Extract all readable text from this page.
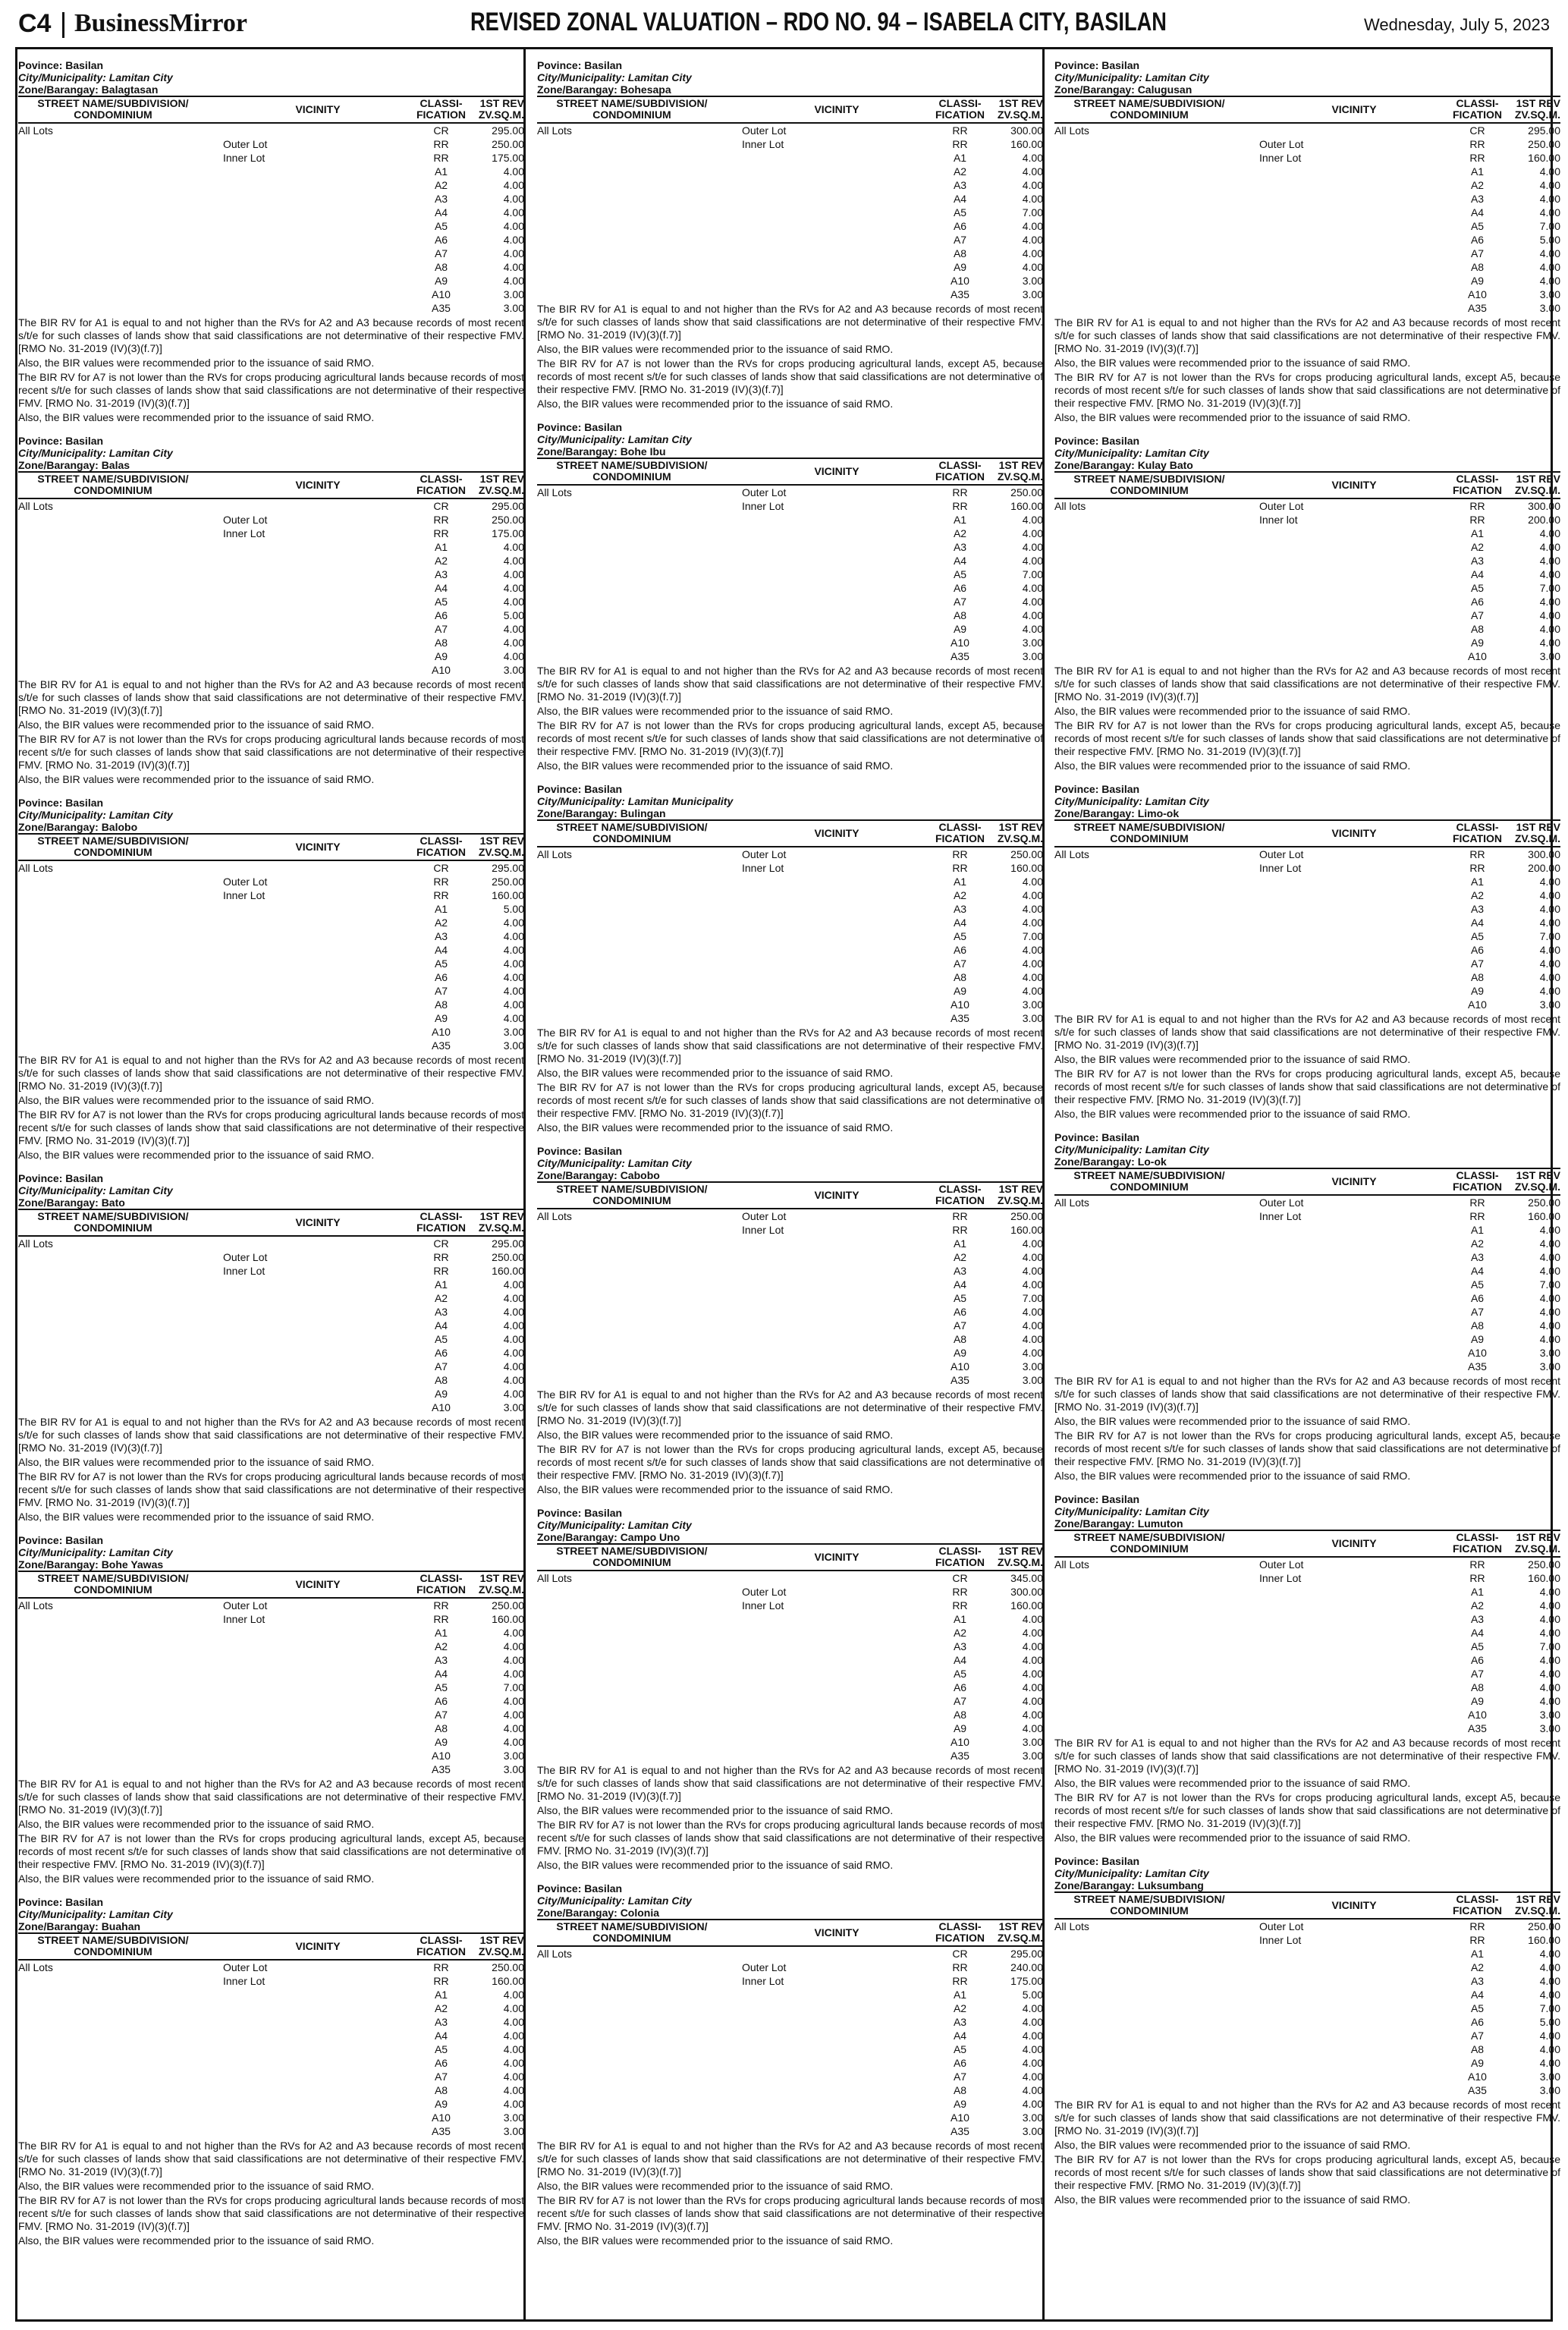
C4 BusinessMirror	REVISED ZONAL VALUATION – RDO NO. 94 – ISABELA CITY, BASILAN	Wednesday, July 5, 2023
Povince: Basilan
City/Municipality: Lamitan City
Zone/Barangay: Balagtasan
STREET NAME/SUBDIVISION/ CONDOMINIUM	VICINITY	CLASSI- FICATION	1ST REV ZV.SQ.M.
All Lots		CR	295.00
	Outer Lot	RR	250.00
	Inner Lot	RR	175.00
		A1	4.00
		A2	4.00
		A3	4.00
		A4	4.00
		A5	4.00
		A6	4.00
		A7	4.00
		A8	4.00
		A9	4.00
		A10	3.00
		A35	3.00
The BIR RV for A1 is equal to and not higher than the RVs for A2 and A3 because records of most recent s/t/e for such classes of lands show that said classifications are not determinative of their respective FMV. [RMO No. 31-2019 (IV)(3)(f.7)]
Also, the BIR values were recommended prior to the issuance of said RMO.
The BIR RV for A7 is not lower than the RVs for crops producing agricultural lands because records of most recent s/t/e for such classes of lands show that said classifications are not determinative of their respective FMV. [RMO No. 31-2019 (IV)(3)(f.7)]
Also, the BIR values were recommended prior to the issuance of said RMO.
Povince: Basilan
City/Municipality: Lamitan City
Zone/Barangay: Balas
STREET NAME/SUBDIVISION/ CONDOMINIUM	VICINITY	CLASSI- FICATION	1ST REV ZV.SQ.M.
All Lots		CR	295.00
	Outer Lot	RR	250.00
	Inner Lot	RR	175.00
		A1	4.00
		A2	4.00
		A3	4.00
		A4	4.00
		A5	4.00
		A6	5.00
		A7	4.00
		A8	4.00
		A9	4.00
		A10	3.00
The BIR RV for A1 is equal to and not higher than the RVs for A2 and A3 because records of most recent s/t/e for such classes of lands show that said classifications are not determinative of their respective FMV. [RMO No. 31-2019 (IV)(3)(f.7)]
Also, the BIR values were recommended prior to the issuance of said RMO.
The BIR RV for A7 is not lower than the RVs for crops producing agricultural lands because records of most recent s/t/e for such classes of lands show that said classifications are not determinative of their respective FMV. [RMO No. 31-2019 (IV)(3)(f.7)]
Also, the BIR values were recommended prior to the issuance of said RMO.
Povince: Basilan
City/Municipality: Lamitan City
Zone/Barangay: Balobo
STREET NAME/SUBDIVISION/ CONDOMINIUM	VICINITY	CLASSI- FICATION	1ST REV ZV.SQ.M.
All Lots		CR	295.00
	Outer Lot	RR	250.00
	Inner Lot	RR	160.00
		A1	5.00
		A2	4.00
		A3	4.00
		A4	4.00
		A5	4.00
		A6	4.00
		A7	4.00
		A8	4.00
		A9	4.00
		A10	3.00
		A35	3.00
The BIR RV for A1 is equal to and not higher than the RVs for A2 and A3 because records of most recent s/t/e for such classes of lands show that said classifications are not determinative of their respective FMV. [RMO No. 31-2019 (IV)(3)(f.7)]
Also, the BIR values were recommended prior to the issuance of said RMO.
The BIR RV for A7 is not lower than the RVs for crops producing agricultural lands because records of most recent s/t/e for such classes of lands show that said classifications are not determinative of their respective FMV. [RMO No. 31-2019 (IV)(3)(f.7)]
Also, the BIR values were recommended prior to the issuance of said RMO.
Povince: Basilan
City/Municipality: Lamitan City
Zone/Barangay: Bato
STREET NAME/SUBDIVISION/ CONDOMINIUM	VICINITY	CLASSI- FICATION	1ST REV ZV.SQ.M.
All Lots		CR	295.00
	Outer Lot	RR	250.00
	Inner Lot	RR	160.00
		A1	4.00
		A2	4.00
		A3	4.00
		A4	4.00
		A5	4.00
		A6	4.00
		A7	4.00
		A8	4.00
		A9	4.00
		A10	3.00
The BIR RV for A1 is equal to and not higher than the RVs for A2 and A3 because records of most recent s/t/e for such classes of lands show that said classifications are not determinative of their respective FMV. [RMO No. 31-2019 (IV)(3)(f.7)]
Also, the BIR values were recommended prior to the issuance of said RMO.
The BIR RV for A7 is not lower than the RVs for crops producing agricultural lands because records of most recent s/t/e for such classes of lands show that said classifications are not determinative of their respective FMV. [RMO No. 31-2019 (IV)(3)(f.7)]
Also, the BIR values were recommended prior to the issuance of said RMO.
Povince: Basilan
City/Municipality: Lamitan City
Zone/Barangay: Bohe Yawas
STREET NAME/SUBDIVISION/ CONDOMINIUM	VICINITY	CLASSI- FICATION	1ST REV ZV.SQ.M.
All Lots	Outer Lot	RR	250.00
	Inner Lot	RR	160.00
		A1	4.00
		A2	4.00
		A3	4.00
		A4	4.00
		A5	7.00
		A6	4.00
		A7	4.00
		A8	4.00
		A9	4.00
		A10	3.00
		A35	3.00
The BIR RV for A1 is equal to and not higher than the RVs for A2 and A3 because records of most recent s/t/e for such classes of lands show that said classifications are not determinative of their respective FMV. [RMO No. 31-2019 (IV)(3)(f.7)]
Also, the BIR values were recommended prior to the issuance of said RMO.
The BIR RV for A7 is not lower than the RVs for crops producing agricultural lands, except A5, because records of most recent s/t/e for such classes of lands show that said classifications are not determinative of their respective FMV. [RMO No. 31-2019 (IV)(3)(f.7)]
Also, the BIR values were recommended prior to the issuance of said RMO.
Povince: Basilan
City/Municipality: Lamitan City
Zone/Barangay: Buahan
STREET NAME/SUBDIVISION/ CONDOMINIUM	VICINITY	CLASSI- FICATION	1ST REV ZV.SQ.M.
All Lots	Outer Lot	RR	250.00
	Inner Lot	RR	160.00
		A1	4.00
		A2	4.00
		A3	4.00
		A4	4.00
		A5	4.00
		A6	4.00
		A7	4.00
		A8	4.00
		A9	4.00
		A10	3.00
		A35	3.00
The BIR RV for A1 is equal to and not higher than the RVs for A2 and A3 because records of most recent s/t/e for such classes of lands show that said classifications are not determinative of their respective FMV. [RMO No. 31-2019 (IV)(3)(f.7)]
Also, the BIR values were recommended prior to the issuance of said RMO.
The BIR RV for A7 is not lower than the RVs for crops producing agricultural lands because records of most recent s/t/e for such classes of lands show that said classifications are not determinative of their respective FMV. [RMO No. 31-2019 (IV)(3)(f.7)]
Also, the BIR values were recommended prior to the issuance of said RMO.
Povince: Basilan
City/Municipality: Lamitan City
Zone/Barangay: Bohesapa
STREET NAME/SUBDIVISION/ CONDOMINIUM	VICINITY	CLASSI- FICATION	1ST REV ZV.SQ.M.
All Lots	Outer Lot	RR	300.00
	Inner Lot	RR	160.00
		A1	4.00
		A2	4.00
		A3	4.00
		A4	4.00
		A5	7.00
		A6	4.00
		A7	4.00
		A8	4.00
		A9	4.00
		A10	3.00
		A35	3.00
The BIR RV for A1 is equal to and not higher than the RVs for A2 and A3 because records of most recent s/t/e for such classes of lands show that said classifications are not determinative of their respective FMV. [RMO No. 31-2019 (IV)(3)(f.7)]
Also, the BIR values were recommended prior to the issuance of said RMO.
The BIR RV for A7 is not lower than the RVs for crops producing agricultural lands, except A5, because records of most recent s/t/e for such classes of lands show that said classifications are not determinative of their respective FMV. [RMO No. 31-2019 (IV)(3)(f.7)]
Also, the BIR values were recommended prior to the issuance of said RMO.
Povince: Basilan
City/Municipality: Lamitan City
Zone/Barangay: Bohe Ibu
STREET NAME/SUBDIVISION/ CONDOMINIUM	VICINITY	CLASSI- FICATION	1ST REV ZV.SQ.M.
All Lots	Outer Lot	RR	250.00
	Inner Lot	RR	160.00
		A1	4.00
		A2	4.00
		A3	4.00
		A4	4.00
		A5	7.00
		A6	4.00
		A7	4.00
		A8	4.00
		A9	4.00
		A10	3.00
		A35	3.00
The BIR RV for A1 is equal to and not higher than the RVs for A2 and A3 because records of most recent s/t/e for such classes of lands show that said classifications are not determinative of their respective FMV. [RMO No. 31-2019 (IV)(3)(f.7)]
Also, the BIR values were recommended prior to the issuance of said RMO.
The BIR RV for A7 is not lower than the RVs for crops producing agricultural lands, except A5, because records of most recent s/t/e for such classes of lands show that said classifications are not determinative of their respective FMV. [RMO No. 31-2019 (IV)(3)(f.7)]
Also, the BIR values were recommended prior to the issuance of said RMO.
Povince: Basilan
City/Municipality: Lamitan Municipality
Zone/Barangay: Bulingan
STREET NAME/SUBDIVISION/ CONDOMINIUM	VICINITY	CLASSI- FICATION	1ST REV ZV.SQ.M.
All Lots	Outer Lot	RR	250.00
	Inner Lot	RR	160.00
		A1	4.00
		A2	4.00
		A3	4.00
		A4	4.00
		A5	7.00
		A6	4.00
		A7	4.00
		A8	4.00
		A9	4.00
		A10	3.00
		A35	3.00
The BIR RV for A1 is equal to and not higher than the RVs for A2 and A3 because records of most recent s/t/e for such classes of lands show that said classifications are not determinative of their respective FMV. [RMO No. 31-2019 (IV)(3)(f.7)]
Also, the BIR values were recommended prior to the issuance of said RMO.
The BIR RV for A7 is not lower than the RVs for crops producing agricultural lands, except A5, because records of most recent s/t/e for such classes of lands show that said classifications are not determinative of their respective FMV. [RMO No. 31-2019 (IV)(3)(f.7)]
Also, the BIR values were recommended prior to the issuance of said RMO.
Povince: Basilan
City/Municipality: Lamitan City
Zone/Barangay: Cabobo
STREET NAME/SUBDIVISION/ CONDOMINIUM	VICINITY	CLASSI- FICATION	1ST REV ZV.SQ.M.
All Lots	Outer Lot	RR	250.00
	Inner Lot	RR	160.00
		A1	4.00
		A2	4.00
		A3	4.00
		A4	4.00
		A5	7.00
		A6	4.00
		A7	4.00
		A8	4.00
		A9	4.00
		A10	3.00
		A35	3.00
The BIR RV for A1 is equal to and not higher than the RVs for A2 and A3 because records of most recent s/t/e for such classes of lands show that said classifications are not determinative of their respective FMV. [RMO No. 31-2019 (IV)(3)(f.7)]
Also, the BIR values were recommended prior to the issuance of said RMO.
The BIR RV for A7 is not lower than the RVs for crops producing agricultural lands, except A5, because records of most recent s/t/e for such classes of lands show that said classifications are not determinative of their respective FMV. [RMO No. 31-2019 (IV)(3)(f.7)]
Also, the BIR values were recommended prior to the issuance of said RMO.
Povince: Basilan
City/Municipality: Lamitan City
Zone/Barangay: Campo Uno
STREET NAME/SUBDIVISION/ CONDOMINIUM	VICINITY	CLASSI- FICATION	1ST REV ZV.SQ.M.
All Lots		CR	345.00
	Outer Lot	RR	300.00
	Inner Lot	RR	160.00
		A1	4.00
		A2	4.00
		A3	4.00
		A4	4.00
		A5	4.00
		A6	4.00
		A7	4.00
		A8	4.00
		A9	4.00
		A10	3.00
		A35	3.00
The BIR RV for A1 is equal to and not higher than the RVs for A2 and A3 because records of most recent s/t/e for such classes of lands show that said classifications are not determinative of their respective FMV. [RMO No. 31-2019 (IV)(3)(f.7)]
Also, the BIR values were recommended prior to the issuance of said RMO.
The BIR RV for A7 is not lower than the RVs for crops producing agricultural lands because records of most recent s/t/e for such classes of lands show that said classifications are not determinative of their respective FMV. [RMO No. 31-2019 (IV)(3)(f.7)]
Also, the BIR values were recommended prior to the issuance of said RMO.
Povince: Basilan
City/Municipality: Lamitan City
Zone/Barangay: Colonia
STREET NAME/SUBDIVISION/ CONDOMINIUM	VICINITY	CLASSI- FICATION	1ST REV ZV.SQ.M.
All Lots		CR	295.00
	Outer Lot	RR	240.00
	Inner Lot	RR	175.00
		A1	5.00
		A2	4.00
		A3	4.00
		A4	4.00
		A5	4.00
		A6	4.00
		A7	4.00
		A8	4.00
		A9	4.00
		A10	3.00
		A35	3.00
The BIR RV for A1 is equal to and not higher than the RVs for A2 and A3 because records of most recent s/t/e for such classes of lands show that said classifications are not determinative of their respective FMV. [RMO No. 31-2019 (IV)(3)(f.7)]
Also, the BIR values were recommended prior to the issuance of said RMO.
The BIR RV for A7 is not lower than the RVs for crops producing agricultural lands because records of most recent s/t/e for such classes of lands show that said classifications are not determinative of their respective FMV. [RMO No. 31-2019 (IV)(3)(f.7)]
Also, the BIR values were recommended prior to the issuance of said RMO.
Povince: Basilan
City/Municipality: Lamitan City
Zone/Barangay: Calugusan
STREET NAME/SUBDIVISION/ CONDOMINIUM	VICINITY	CLASSI- FICATION	1ST REV ZV.SQ.M.
All Lots		CR	295.00
	Outer Lot	RR	250.00
	Inner Lot	RR	160.00
		A1	4.00
		A2	4.00
		A3	4.00
		A4	4.00
		A5	7.00
		A6	5.00
		A7	4.00
		A8	4.00
		A9	4.00
		A10	3.00
		A35	3.00
The BIR RV for A1 is equal to and not higher than the RVs for A2 and A3 because records of most recent s/t/e for such classes of lands show that said classifications are not determinative of their respective FMV. [RMO No. 31-2019 (IV)(3)(f.7)]
Also, the BIR values were recommended prior to the issuance of said RMO.
The BIR RV for A7 is not lower than the RVs for crops producing agricultural lands, except A5, because records of most recent s/t/e for such classes of lands show that said classifications are not determinative of their respective FMV. [RMO No. 31-2019 (IV)(3)(f.7)]
Also, the BIR values were recommended prior to the issuance of said RMO.
Povince: Basilan
City/Municipality: Lamitan City
Zone/Barangay: Kulay Bato
STREET NAME/SUBDIVISION/ CONDOMINIUM	VICINITY	CLASSI- FICATION	1ST REV ZV.SQ.M.
All lots	Outer Lot	RR	300.00
	Inner lot	RR	200.00
		A1	4.00
		A2	4.00
		A3	4.00
		A4	4.00
		A5	7.00
		A6	4.00
		A7	4.00
		A8	4.00
		A9	4.00
		A10	3.00
The BIR RV for A1 is equal to and not higher than the RVs for A2 and A3 because records of most recent s/t/e for such classes of lands show that said classifications are not determinative of their respective FMV. [RMO No. 31-2019 (IV)(3)(f.7)]
Also, the BIR values were recommended prior to the issuance of said RMO.
The BIR RV for A7 is not lower than the RVs for crops producing agricultural lands, except A5, because records of most recent s/t/e for such classes of lands show that said classifications are not determinative of their respective FMV. [RMO No. 31-2019 (IV)(3)(f.7)]
Also, the BIR values were recommended prior to the issuance of said RMO.
Povince: Basilan
City/Municipality: Lamitan City
Zone/Barangay: Limo-ok
STREET NAME/SUBDIVISION/ CONDOMINIUM	VICINITY	CLASSI- FICATION	1ST REV ZV.SQ.M.
All Lots	Outer Lot	RR	300.00
	Inner Lot	RR	200.00
		A1	4.00
		A2	4.00
		A3	4.00
		A4	4.00
		A5	7.00
		A6	4.00
		A7	4.00
		A8	4.00
		A9	4.00
		A10	3.00
The BIR RV for A1 is equal to and not higher than the RVs for A2 and A3 because records of most recent s/t/e for such classes of lands show that said classifications are not determinative of their respective FMV. [RMO No. 31-2019 (IV)(3)(f.7)]
Also, the BIR values were recommended prior to the issuance of said RMO.
The BIR RV for A7 is not lower than the RVs for crops producing agricultural lands, except A5, because records of most recent s/t/e for such classes of lands show that said classifications are not determinative of their respective FMV. [RMO No. 31-2019 (IV)(3)(f.7)]
Also, the BIR values were recommended prior to the issuance of said RMO.
Povince: Basilan
City/Municipality: Lamitan City
Zone/Barangay: Lo-ok
STREET NAME/SUBDIVISION/ CONDOMINIUM	VICINITY	CLASSI- FICATION	1ST REV ZV.SQ.M.
All Lots	Outer Lot	RR	250.00
	Inner Lot	RR	160.00
		A1	4.00
		A2	4.00
		A3	4.00
		A4	4.00
		A5	7.00
		A6	4.00
		A7	4.00
		A8	4.00
		A9	4.00
		A10	3.00
		A35	3.00
The BIR RV for A1 is equal to and not higher than the RVs for A2 and A3 because records of most recent s/t/e for such classes of lands show that said classifications are not determinative of their respective FMV. [RMO No. 31-2019 (IV)(3)(f.7)]
Also, the BIR values were recommended prior to the issuance of said RMO.
The BIR RV for A7 is not lower than the RVs for crops producing agricultural lands, except A5, because records of most recent s/t/e for such classes of lands show that said classifications are not determinative of their respective FMV. [RMO No. 31-2019 (IV)(3)(f.7)]
Also, the BIR values were recommended prior to the issuance of said RMO.
Povince: Basilan
City/Municipality: Lamitan City
Zone/Barangay: Lumuton
STREET NAME/SUBDIVISION/ CONDOMINIUM	VICINITY	CLASSI- FICATION	1ST REV ZV.SQ.M.
All Lots	Outer Lot	RR	250.00
	Inner Lot	RR	160.00
		A1	4.00
		A2	4.00
		A3	4.00
		A4	4.00
		A5	7.00
		A6	4.00
		A7	4.00
		A8	4.00
		A9	4.00
		A10	3.00
		A35	3.00
The BIR RV for A1 is equal to and not higher than the RVs for A2 and A3 because records of most recent s/t/e for such classes of lands show that said classifications are not determinative of their respective FMV. [RMO No. 31-2019 (IV)(3)(f.7)]
Also, the BIR values were recommended prior to the issuance of said RMO.
The BIR RV for A7 is not lower than the RVs for crops producing agricultural lands, except A5, because records of most recent s/t/e for such classes of lands show that said classifications are not determinative of their respective FMV. [RMO No. 31-2019 (IV)(3)(f.7)]
Also, the BIR values were recommended prior to the issuance of said RMO.
Povince: Basilan
City/Municipality: Lamitan City
Zone/Barangay: Luksumbang
STREET NAME/SUBDIVISION/ CONDOMINIUM	VICINITY	CLASSI- FICATION	1ST REV ZV.SQ.M.
All Lots	Outer Lot	RR	250.00
	Inner Lot	RR	160.00
		A1	4.00
		A2	4.00
		A3	4.00
		A4	4.00
		A5	7.00
		A6	5.00
		A7	4.00
		A8	4.00
		A9	4.00
		A10	3.00
		A35	3.00
The BIR RV for A1 is equal to and not higher than the RVs for A2 and A3 because records of most recent s/t/e for such classes of lands show that said classifications are not determinative of their respective FMV. [RMO No. 31-2019 (IV)(3)(f.7)]
Also, the BIR values were recommended prior to the issuance of said RMO.
The BIR RV for A7 is not lower than the RVs for crops producing agricultural lands, except A5, because records of most recent s/t/e for such classes of lands show that said classifications are not determinative of their respective FMV. [RMO No. 31-2019 (IV)(3)(f.7)]
Also, the BIR values were recommended prior to the issuance of said RMO.
